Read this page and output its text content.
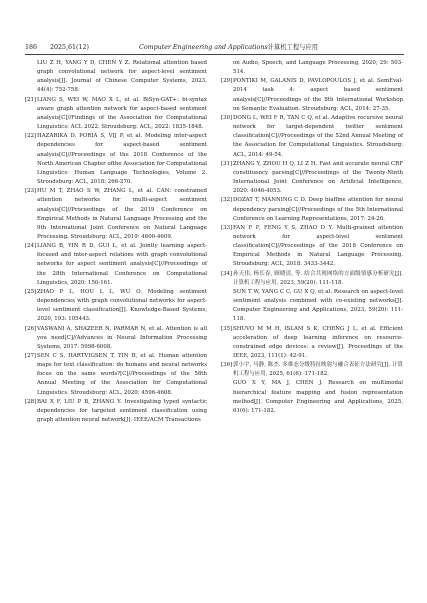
186 2025,61(12)	Computer Engineering and Applications计算机工程与应用
LIU Z H, YANG Y D, CHEN Y Z. Relational attention based graph convolutional network for aspect-level sentiment analysis[J]. Journal of Chinese Computer Systems, 2023, 44(4): 752-758.
[21] LIANG S, WEI W, MAO X L, et al. BiSyn-GAT+: bi-syntax aware graph attention network for aspect-based sentiment analysis[C]//Findings of the Association for Computational Linguistics: ACL 2022. Stroudsburg: ACL, 2022: 1835-1848.
[22] HAZARIKA D, PORIA S, VIJ P, et al. Modeling inter-aspect dependencies for aspect-based sentiment analysis[C]//Proceedings of the 2018 Conference of the North American Chapter ofthe Association for Computational Linguistics: Human Language Technologies, Volume 2. Stroudsburg: ACL, 2018: 266-270.
[23] HU M T, ZHAO S W, ZHANG L, et al. CAN: constrained attention networks for multi-aspect sentiment analysis[C]//Proceedings of the 2019 Conference on Empirical Methods in Natural Language Processing and the 9th International Joint Conference on Natural Language Processing. Stroudsburg: ACL, 2019: 4600-4609.
[24] LIANG B, YIN R D, GUI L, et al. Jointly learning aspect-focused and inter-aspect relations with graph convolutional networks for aspect sentiment analysis[C]//Proceedings of the 28th International Conference on Computational Linguistics, 2020: 150-161.
[25] ZHAO P L, HOU L L, WU O. Modeling sentiment dependencies with graph convolutional networks for aspect-level sentiment classification[J]. Knowledge-Based Systems, 2020, 193: 105443.
[26] VASWANI A, SHAZEER N, PARMAR N, et al. Attention is all you need[C]//Advances in Neural Information Processing Systems, 2017: 5998-6008.
[27] SEN C S, HARTVIGSEN T, YIN B, et al. Human attention maps for text classification: do humans and neural networks focus on the same words?[C]//Proceedings of the 58th Annual Meeting of the Association for Computational Linguistics. Stroudsburg: ACL, 2020: 4596-4608.
[28] BAI X F, LIU P B, ZHANG Y. Investigating typed syntactic dependencies for targeted sentiment classification using graph attention neural network[J]. IEEE/ACM Transactions
on Audio, Speech, and Language Processing, 2020, 29: 503-514.
[29] PONTIKI M, GALANIS D, PAVLOPOULOS J, et al. SemEval-2014 task 4: aspect based sentiment analysis[C]//Proceedings of the 8th International Workshop on Semantic Evaluation. Stroudsburg: ACL, 2014: 27-35.
[30] DONG L, WEI F R, TAN C Q, et al. Adaptive recursive neural network for target-dependent twitter sentiment classification[C]//Proceedings of the 52nd Annual Meeting of the Association for Computational Linguistics. Stroudsburg: ACL, 2014: 49-54.
[31] ZHANG Y, ZHOU H Q, LI Z H. Fast and accurate neural CRF constituency parsing[C]//Proceedings of the Twenty-Ninth International Joint Conference on Artificial Intelligence, 2020: 4046-4053.
[32] DOZAT T, MANNING C D. Deep biaffine attention for neural dependency parsing[C]//Proceedings of the 5th International Conference on Learning Representations, 2017: 24-26.
[33] FAN F F, FENG Y S, ZHAO D Y. Multi-grained attention network for aspect-level sentiment classification[C]//Proceedings of the 2018 Conference on Empirical Methods in Natural Language Processing. Stroudsburg: ACL, 2018: 3433-3442.
[34] 孙天伟, 杨长春, 顾晓清, 等. 结合共现网络的方面级情感分析研究[J]. 计算机工程与应用, 2023, 59(20): 111-118.
SUN T W, YANG C C, GU X Q, et al. Research on aspect-level sentiment analysis combined with co-existing networks[J]. Computer Engineering and Applications, 2023, 59(20): 111-118.
[35] SHUVO M M H, ISLAM S K, CHENG J L, et al. Efficient acceleration of deep learning inference on resource-constrained edge devices: a review[J]. Proceedings of the IEEE, 2023, 111(1): 42-91.
[36] 郭小宇, 马静, 陈杰. 多维态分级特征映射与融合表征方法研究[J]. 计算机工程与应用, 2025, 61(6): 171-182.
GUO X Y, MA J, CHEN J. Research on multimodal hierarchical feature mapping and fusion representation method[J]. Computer Engineering and Applications, 2025, 61(6): 171-182.
